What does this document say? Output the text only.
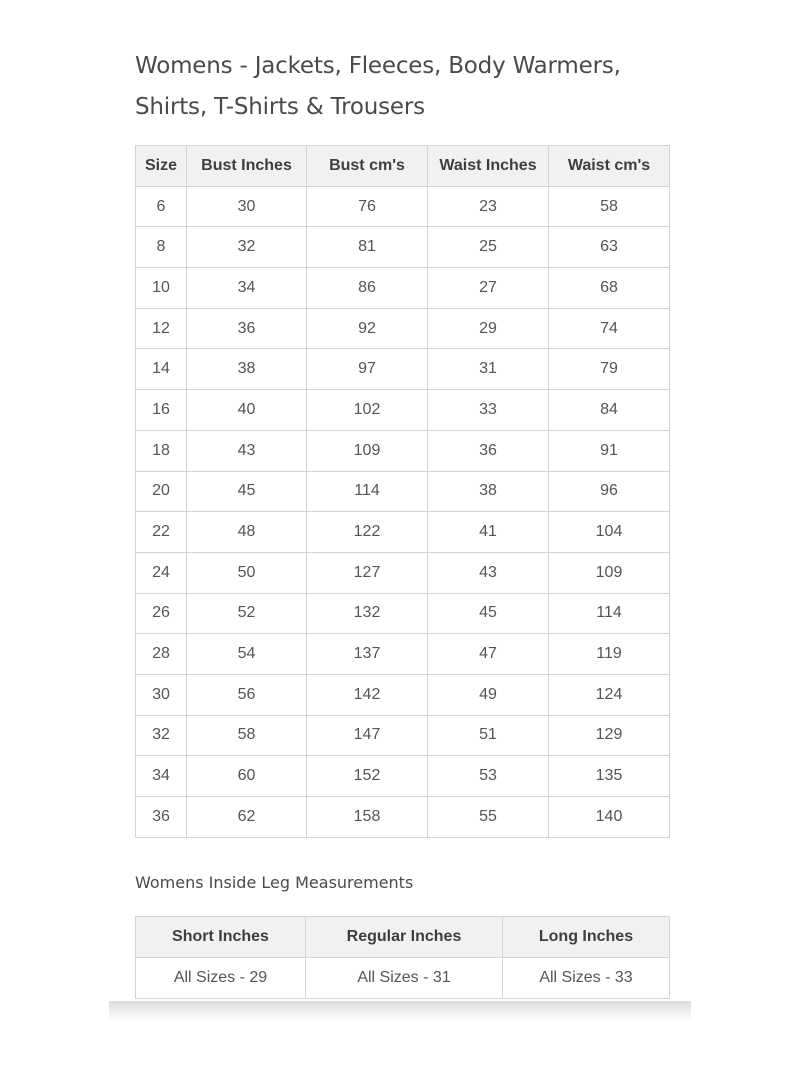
Womens - Jackets, Fleeces, Body Warmers, Shirts, T-Shirts & Trousers
Size	Bust Inches	Bust cm's	Waist Inches	Waist cm's
6	30	76	23	58
8	32	81	25	63
10	34	86	27	68
12	36	92	29	74
14	38	97	31	79
16	40	102	33	84
18	43	109	36	91
20	45	114	38	96
22	48	122	41	104
24	50	127	43	109
26	52	132	45	114
28	54	137	47	119
30	56	142	49	124
32	58	147	51	129
34	60	152	53	135
36	62	158	55	140
Womens Inside Leg Measurements
Short Inches	Regular Inches	Long Inches
All Sizes - 29	All Sizes - 31	All Sizes - 33
